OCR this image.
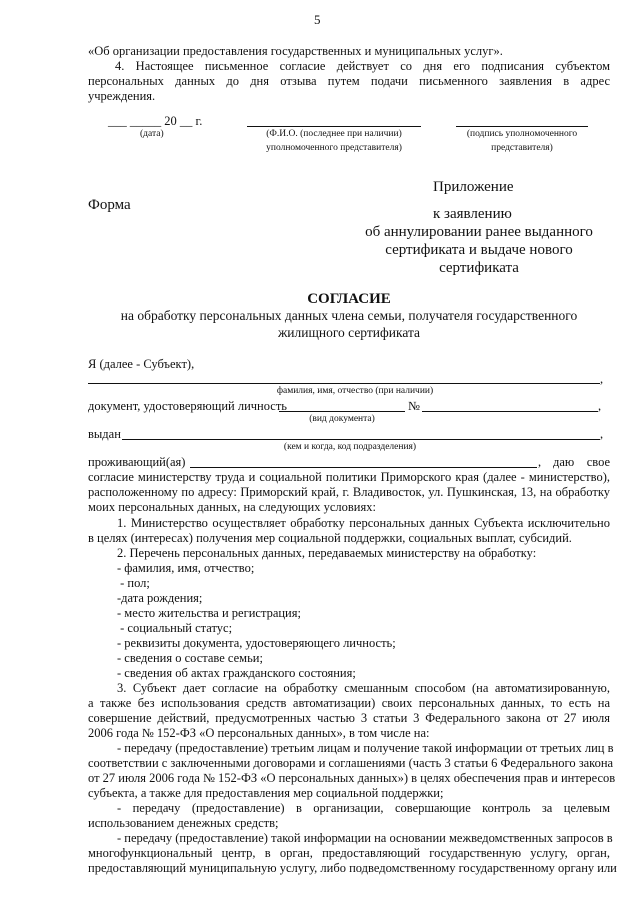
5
«Об организации предоставления государственных и муниципальных услуг».
4. Настоящее письменное согласие действует со дня его подписания субъектом
персональных данных до дня отзыва путем подачи письменного заявления в адрес
учреждения.
___ _____ 20 __ г.
(дата)	(Ф.И.О. (последнее при наличии)
уполномоченного представителя)
(подпись уполномоченного
представителя)
Форма
Приложение
к заявлению
об аннулировании ранее выданного
сертификата и выдаче нового
сертификата
СОГЛАСИЕ
на обработку персональных данных члена семьи, получателя государственного
жилищного сертификата
Я (далее - Субъект),
,
фамилия, имя, отчество (при наличии)
документ, удостоверяющий личность	№	,
(вид документа)
выдан	,
(кем и когда, код подразделения)
проживающий(ая)	, даю    свое
согласие министерству труда и социальной политики Приморского края (далее - министерство),
расположенному по адресу: Приморский край, г. Владивосток, ул. Пушкинская, 13, на обработку
моих персональных данных, на следующих условиях:
1. Министерство осуществляет обработку персональных данных Субъекта исключительно
в целях (интересах) получения мер социальной поддержки, социальных выплат, субсидий.
2. Перечень персональных данных, передаваемых министерству на обработку:
- фамилия, имя, отчество;
- пол;
-дата рождения;
- место жительства и регистрация;
- социальный статус;
- реквизиты документа, удостоверяющего личность;
- сведения о составе семьи;
- сведения об актах гражданского состояния;
3. Субъект дает согласие на обработку смешанным способом (на автоматизированную,
а также без использования средств автоматизации) своих персональных данных, то есть на
совершение действий, предусмотренных частью 3 статьи 3 Федерального закона от 27 июля
2006 года № 152-ФЗ «О персональных данных», в том числе на:
- передачу (предоставление) третьим лицам и получение такой информации от третьих лиц в
соответствии с заключенными договорами и соглашениями (часть 3 статьи 6 Федерального закона
от 27 июля 2006 года № 152-ФЗ «О персональных данных») в целях обеспечения прав и интересов
субъекта, а также для предоставления мер социальной поддержки;
- передачу (предоставление) в организации, совершающие контроль за целевым
использованием денежных средств;
- передачу (предоставление) такой информации на основании межведомственных запросов в
многофункциональный центр, в орган, предоставляющий государственную услугу, орган,
предоставляющий муниципальную услугу, либо подведомственному государственному органу или
